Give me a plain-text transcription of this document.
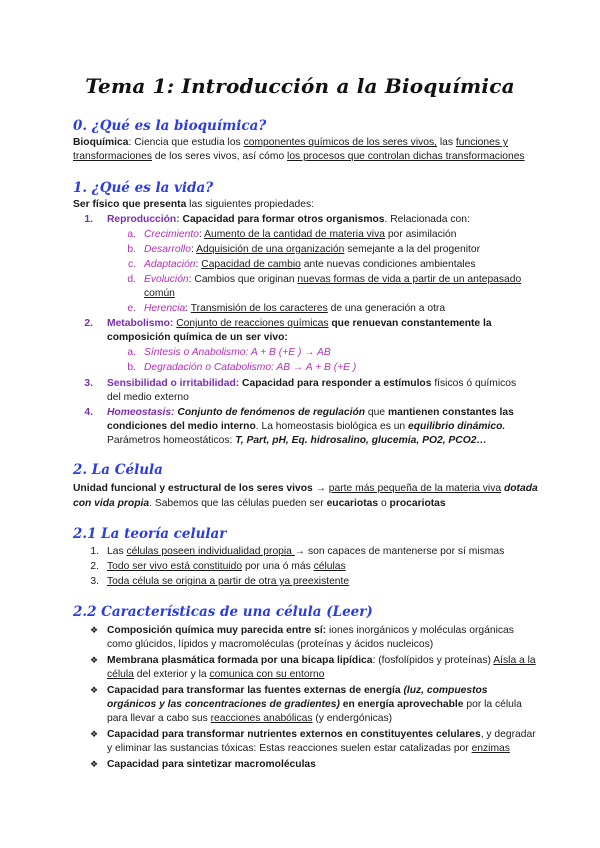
Tema 1: Introducción a la Bioquímica
0. ¿Qué es la bioquímica?
Bioquímica: Ciencia que estudia los componentes químicos de los seres vivos, las funciones y
transformaciones de los seres vivos, así cómo los procesos que controlan dichas transformaciones
1. ¿Qué es la vida?
Ser físico que presenta las siguientes propiedades:
1. Reproducción: Capacidad para formar otros organismos. Relacionada con:
a. Crecimiento: Aumento de la cantidad de materia viva por asimilación
b. Desarrollo: Adquisición de una organización semejante a la del progenitor
c. Adaptación: Capacidad de cambio ante nuevas condiciones ambientales
d. Evolución: Cambios que originan nuevas formas de vida a partir de un antepasado
común
e. Herencia: Transmisión de los caracteres de una generación a otra
2. Metabolismo: Conjunto de reacciones químicas que renuevan constantemente la
composición química de un ser vivo:
a. Síntesis o Anabolismo: A + B (+E ) → AB
b. Degradación o Catabolismo: AB → A + B (+E )
3. Sensibilidad o irritabilidad: Capacidad para responder a estímulos físicos ó químicos
del medio externo
4. Homeostasis: Conjunto de fenómenos de regulación que mantienen constantes las
condiciones del medio interno. La homeostasis biológica es un equilibrio dinámico.
Parámetros homeostáticos: T, Part, pH, Eq. hidrosalino, glucemia, PO2, PCO2…
2. La Célula
Unidad funcional y estructural de los seres vivos → parte más pequeña de la materia viva dotada
con vida propia. Sabemos que las células pueden ser eucariotas o procariotas
2.1 La teoría celular
1. Las células poseen individualidad propia → son capaces de mantenerse por sí mismas
2. Todo ser vivo está constituido por una ó más células
3. Toda célula se origina a partir de otra ya preexistente
2.2 Características de una célula (Leer)
❖ Composición química muy parecida entre sí: iones inorgánicos y moléculas orgánicas
como glúcidos, lípidos y macromoléculas (proteínas y ácidos nucleicos)
❖ Membrana plasmática formada por una bicapa lipídica: (fosfolípidos y proteínas) Aísla a la
célula del exterior y la comunica con su entorno
❖ Capacidad para transformar las fuentes externas de energía (luz, compuestos
orgánicos y las concentraciones de gradientes) en energía aprovechable por la célula
para llevar a cabo sus reacciones anabólicas (y endergónicas)
❖ Capacidad para transformar nutrientes externos en constituyentes celulares, y degradar
y eliminar las sustancias tóxicas: Estas reacciones suelen estar catalizadas por enzimas
❖ Capacidad para sintetizar macromoléculas
